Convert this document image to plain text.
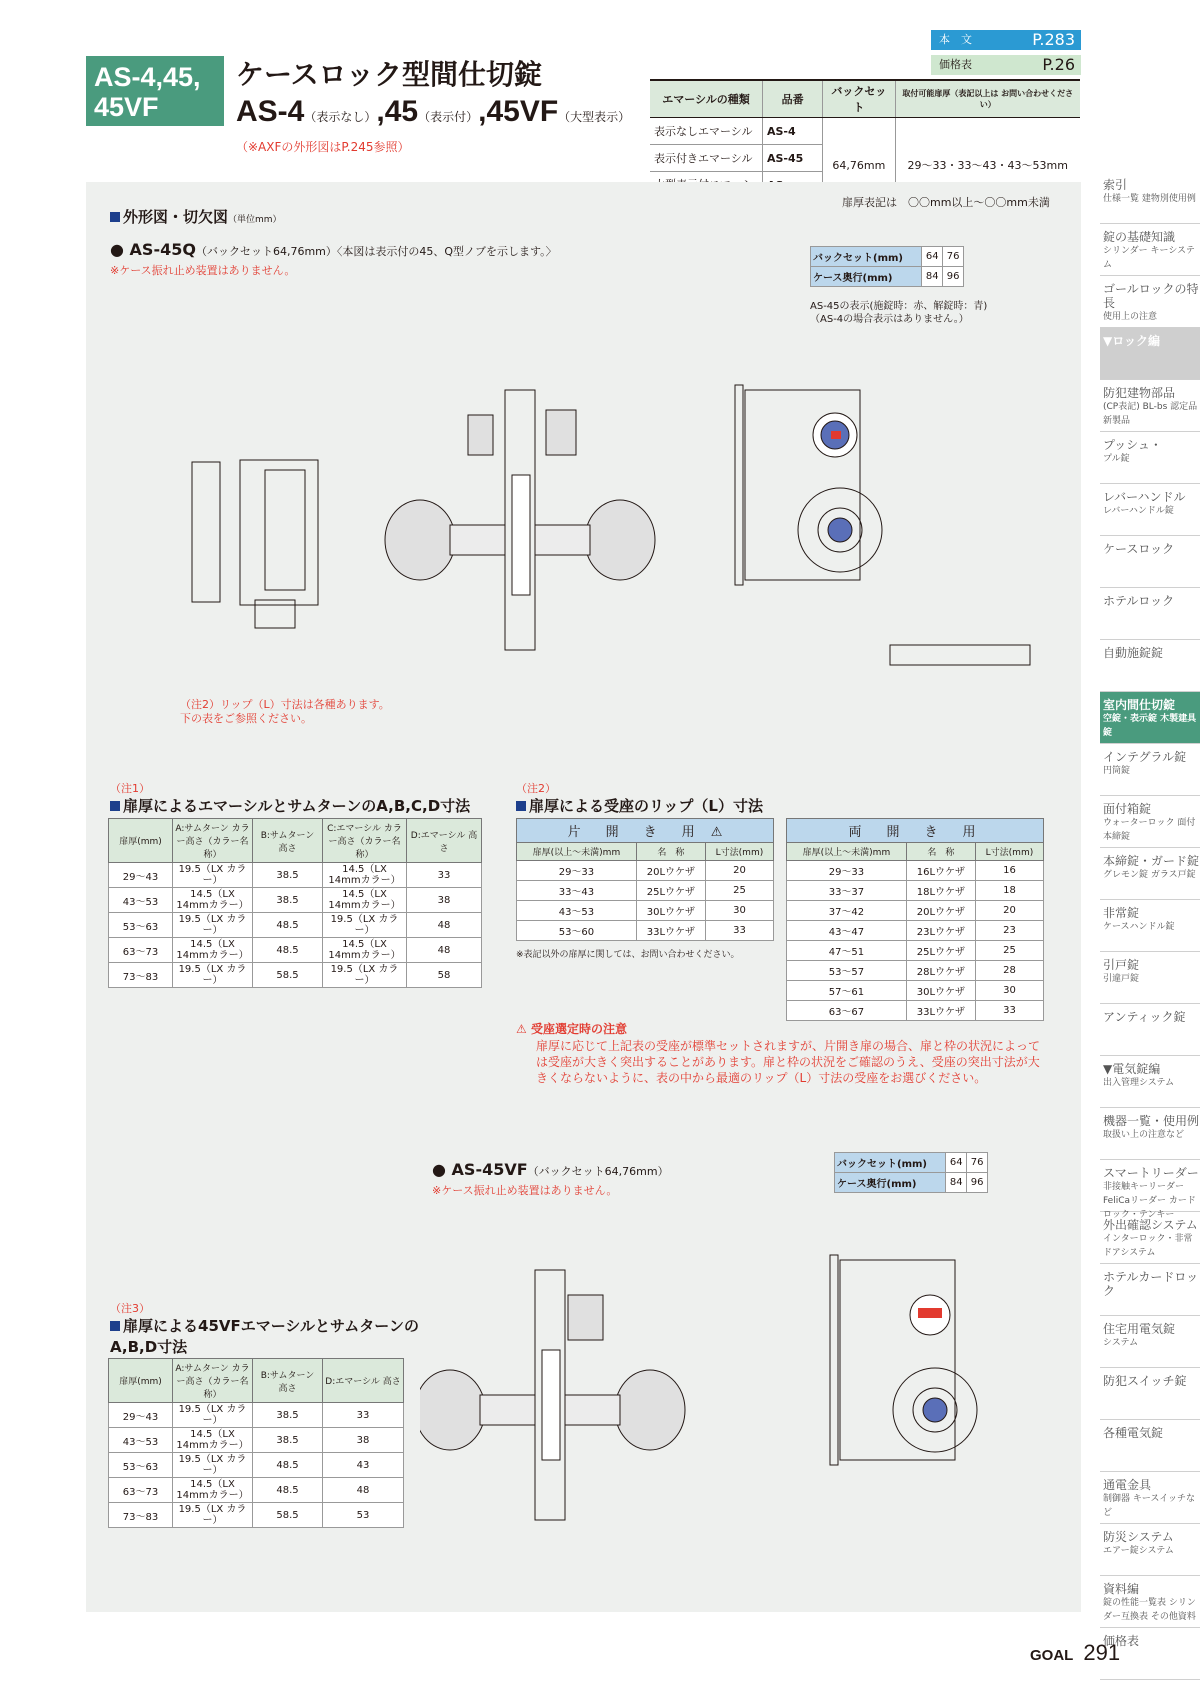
AS-4,45,
45VF
ケースロック型間仕切錠
AS-4（表示なし）,45（表示付）,45VF（大型表示）
（※AXFの外形図はP.245参照）
本　文	P.283
価格表	P.26
エマーシルの種類	品番	バックセット	取付可能扉厚（表記以上は お問い合わせください）
表示なしエマーシル	AS-4	64,76mm	29～33・33～43・43～53mm
表示付きエマーシル	AS-45		

外形図・切欠図（単位mm）
扉厚表記は　〇〇mm以上～〇〇mm未満
● AS-45Q（バックセット64,76mm）〈本図は表示付の45、Q型ノブを示します。〉
※ケース振れ止め装置はありません。
バックセット(mm)	64	76
ケース奥行(mm)	84	96
AS-45の表示(施錠時：赤、解錠時：青)
（AS-4の場合表示はありません。）
（注2）リップ（L）寸法は各種あります。
下の表をご参照ください。
（注1）
扉厚によるエマーシルとサムターンのA,B,C,D寸法
扉厚(mm)	A:サムターン カラー高さ（カラー名称）	B:サムターン 高さ	C:エマーシル カラー高さ（カラー名称）	D:エマーシル 高さ
29～43	19.5（LX カラー）	38.5	14.5（LX 14mmカラー）	33
43～53	14.5（LX 14mmカラー）	38.5	14.5（LX 14mmカラー）	38
53～63	19.5（LX カラー）	48.5	19.5（LX カラー）	48
63～73	14.5（LX 14mmカラー）	48.5	14.5（LX 14mmカラー）	48
73～83	19.5（LX カラー）	58.5	19.5（LX カラー）	58
（注2）
扉厚による受座のリップ（L）寸法
片　開　き　用 ⚠		
扉厚(以上～未満)mm	名　称	L寸法(mm)
29～33	20Lウケザ	20
33～43	25Lウケザ	25
43～53	30Lウケザ	30
53～60	33Lウケザ	33
※表記以外の扉厚に関しては、お問い合わせください。
両　開　き　用		
扉厚(以上～未満)mm	名　称	L寸法(mm)
29～33	16Lウケザ	16
33～37	18Lウケザ	18
37～42	20Lウケザ	20
43～47	23Lウケザ	23
47～51	25Lウケザ	25
53～57	28Lウケザ	28
57～61	30Lウケザ	30
63～67	33Lウケザ	33
⚠ 受座選定時の注意
扉厚に応じて上記表の受座が標準セットされますが、片開き扉の場合、扉と枠の状況によっては受座が大きく突出することがあります。扉と枠の状況をご確認のうえ、受座の突出寸法が大きくならないように、表の中から最適のリップ（L）寸法の受座をお選びください。
● AS-45VF（バックセット64,76mm）
※ケース振れ止め装置はありません。
バックセット(mm)	64	76
ケース奥行(mm)	84	96
（注3）
扉厚による45VFエマーシルとサムターンの
A,B,D寸法
扉厚(mm)	A:サムターン カラー高さ（カラー名称）	B:サムターン 高さ	D:エマーシル 高さ
29～43	19.5（LX カラー）	38.5	33
43～53	14.5（LX 14mmカラー）	38.5	38
53～63	19.5（LX カラー）	48.5	43
63～73	14.5（LX 14mmカラー）	48.5	48
73～83	19.5（LX カラー）	58.5	53
索引
仕様一覧 建物別使用例
錠の基礎知識
シリンダー キーシステム
ゴールロックの特長
使用上の注意
▼ロック編
防犯建物部品
(CP表記) BL-bs 認定品 新製品
プッシュ・
プル錠
レバーハンドル
レバーハンドル錠
ケースロック
ホテルロック
自動施錠錠
室内間仕切錠
空錠・表示錠 木製建具錠
インテグラル錠
円筒錠
面付箱錠
ウォーターロック 面付本締錠
本締錠・ガード錠
グレモン錠 ガラス戸錠
非常錠
ケースハンドル錠
引戸錠
引違戸錠
アンティック錠
▼電気錠編
出入管理システム
機器一覧・使用例
取扱い上の注意など
スマートリーダー
非接触キーリーダー FeliCaリーダー カードロック・テンキー
外出確認システム
インターロック・非常ドアシステム
ホテルカードロック
住宅用電気錠
システム
防犯スイッチ錠
各種電気錠
通電金具
制御器 キースイッチなど
防災システム
エアー錠システム
資料編
錠の性能一覧表 シリンダー互換表 その他資料
価格表
GOAL 291
